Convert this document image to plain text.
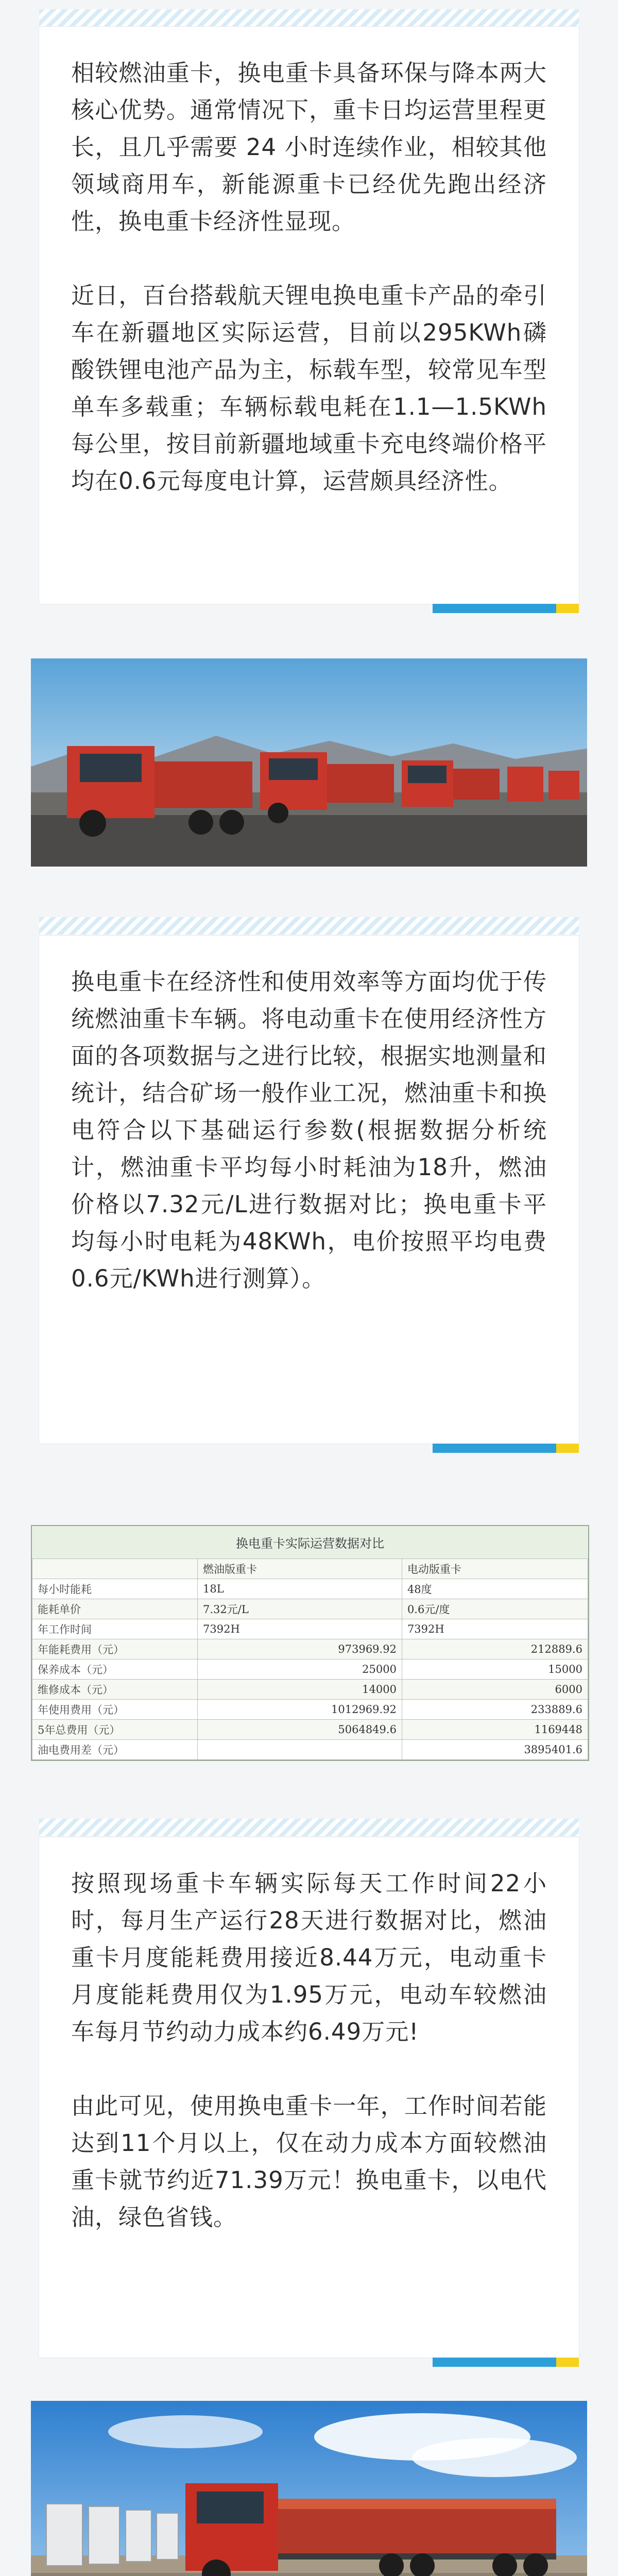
相较燃油重卡，换电重卡具备环保与降本两大核心优势。通常情况下，重卡日均运营里程更长，且几乎需要 24 小时连续作业，相较其他领域商用车，新能源重卡已经优先跑出经济性，换电重卡经济性显现。

近日，百台搭载航天锂电换电重卡产品的牵引车在新疆地区实际运营，目前以295KWh磷酸铁锂电池产品为主，标载车型，较常见车型单车多载重；车辆标载电耗在1.1—1.5KWh每公里，按目前新疆地域重卡充电终端价格平均在0.6元每度电计算，运营颇具经济性。

换电重卡在经济性和使用效率等方面均优于传统燃油重卡车辆。将电动重卡在使用经济性方面的各项数据与之进行比较，根据实地测量和统计，结合矿场一般作业工况，燃油重卡和换电符合以下基础运行参数(根据数据分析统计，燃油重卡平均每小时耗油为18升，燃油价格以7.32元/L进行数据对比；换电重卡平均每小时电耗为48KWh，电价按照平均电费0.6元/KWh进行测算）。

换电重卡实际运营数据对比
	燃油版重卡	电动版重卡
每小时能耗	18L	48度
能耗单价	7.32元/L	0.6元/度
年工作时间	7392H	7392H
年能耗费用（元）	973969.92	212889.6
保养成本（元）	25000	15000
维修成本（元）	14000	6000
年使用费用（元）	1012969.92	233889.6
5年总费用（元）	5064849.6	1169448
油电费用差（元）		3895401.6

按照现场重卡车辆实际每天工作时间22小时，每月生产运行28天进行数据对比，燃油重卡月度能耗费用接近8.44万元，电动重卡月度能耗费用仅为1.95万元，电动车较燃油车每月节约动力成本约6.49万元!

由此可见，使用换电重卡一年，工作时间若能达到11个月以上，仅在动力成本方面较燃油重卡就节约近71.39万元！换电重卡，以电代油，绿色省钱。
